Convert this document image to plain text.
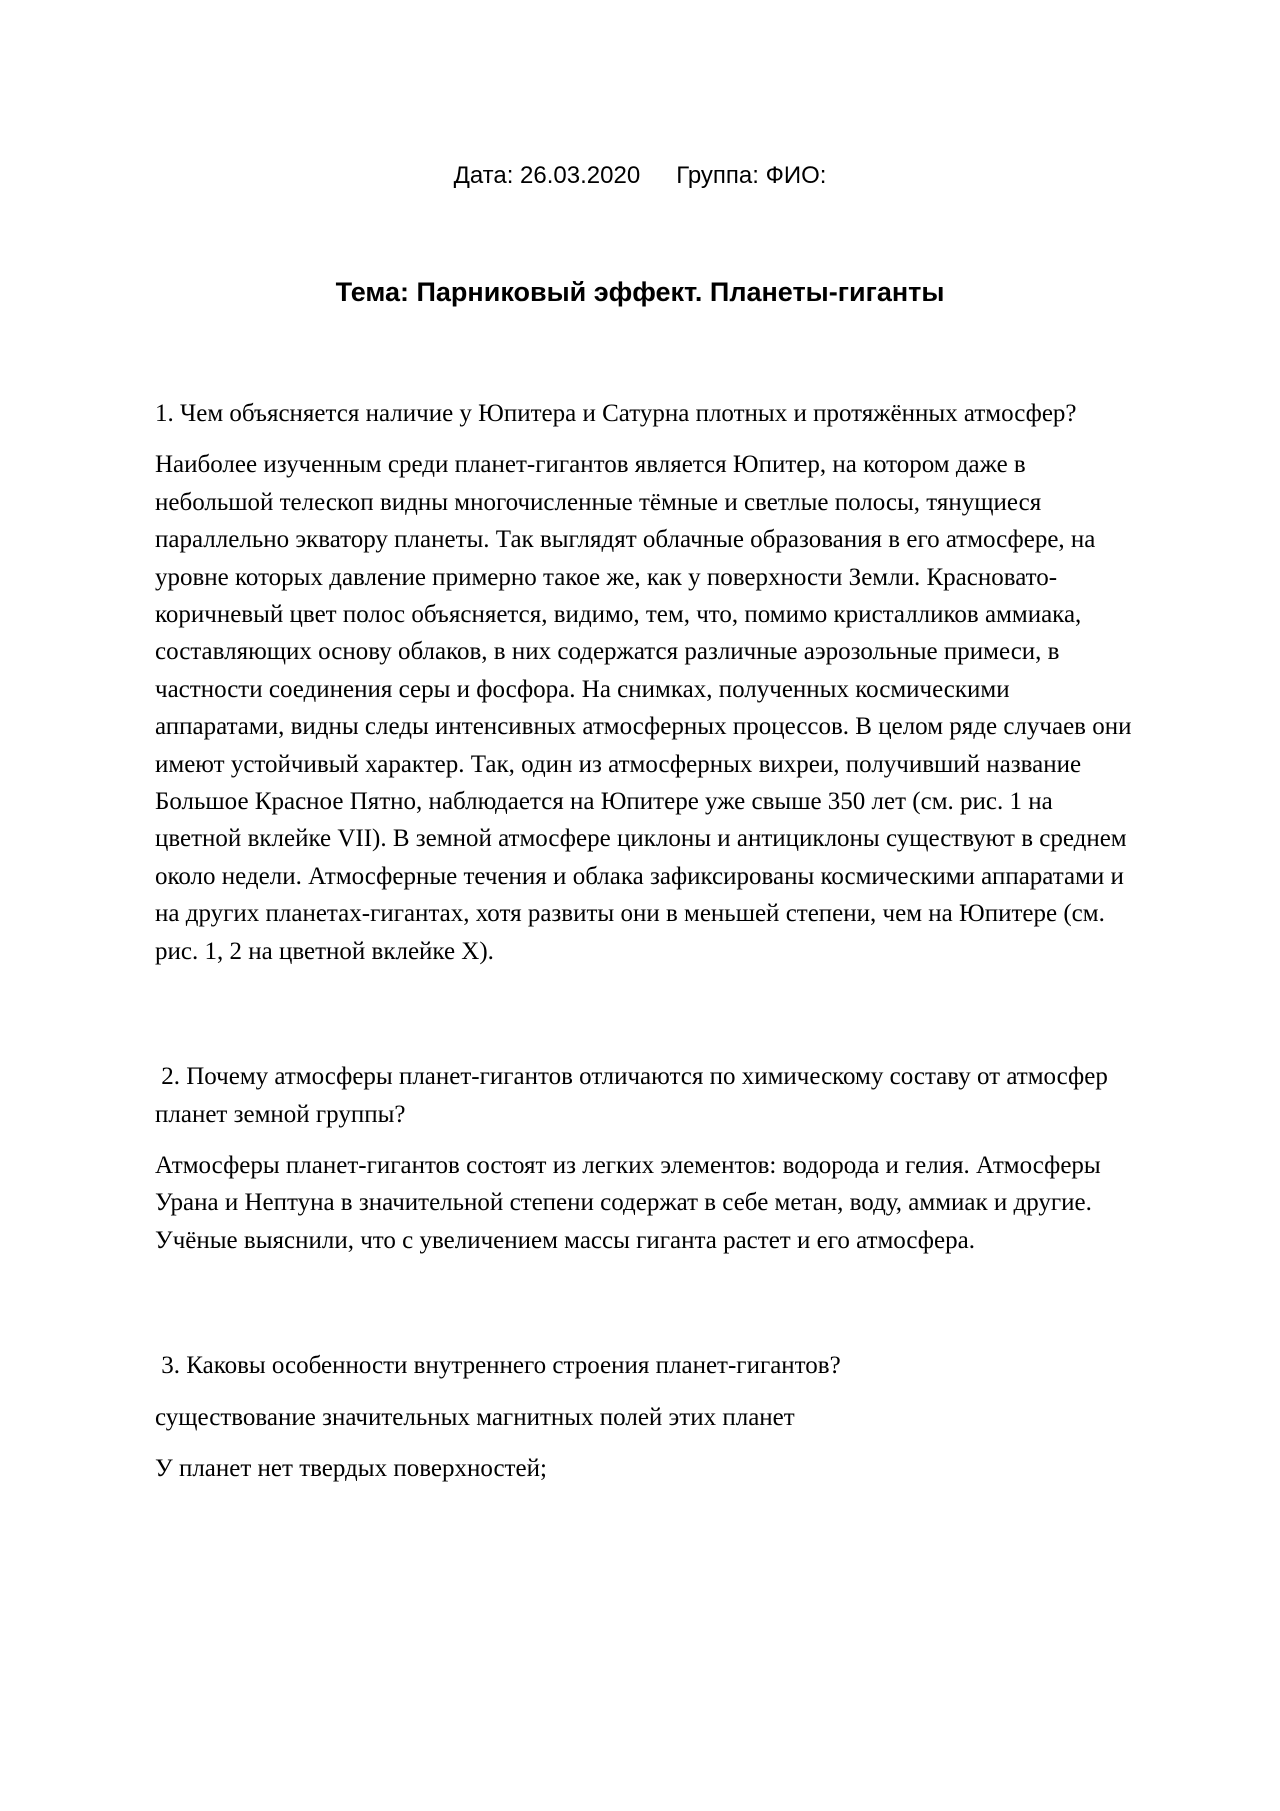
Дата: 26.03.2020 Группа: ФИО:
Тема: Парниковый эффект. Планеты-гиганты

1. Чем объясняется наличие у Юпитера и Сатурна плотных и протяжённых атмосфер?

Наиболее изученным среди планет-гигантов является Юпитер, на котором даже в небольшой телескоп видны многочисленные тёмные и светлые полосы, тянущиеся параллельно экватору планеты. Так выглядят облачные образования в его атмосфере, на уровне которых давление примерно такое же, как у поверхности Земли. Красновато-коричневый цвет полос объясняется, видимо, тем, что, помимо кристалликов аммиака, составляющих основу облаков, в них содержатся различные аэрозольные примеси, в частности соединения серы и фосфора. На снимках, полученных космическими аппаратами, видны следы интенсивных атмосферных процессов. В целом ряде случаев они имеют устойчивый характер. Так, один из атмосферных вихреи, получивший название Большое Красное Пятно, наблюдается на Юпитере уже свыше 350 лет (см. рис. 1 на цветной вклейке VII). В земной атмосфере циклоны и антициклоны существуют в среднем около недели. Атмосферные течения и облака зафиксированы космическими аппаратами и на других планетах-гигантах, хотя развиты они в меньшей степени, чем на Юпитере (см. рис. 1, 2 на цветной вклейке X).

2. Почему атмосферы планет-гигантов отличаются по химическому составу от атмосфер планет земной группы?

Атмосферы планет-гигантов состоят из легких элементов: водорода и гелия. Атмосферы Урана и Нептуна в значительной степени содержат в себе метан, воду, аммиак и другие. Учёные выяснили, что с увеличением массы гиганта растет и его атмосфера.

3. Каковы особенности внутреннего строения планет-гигантов?

существование значительных магнитных полей этих планет

У планет нет твердых поверхностей;
